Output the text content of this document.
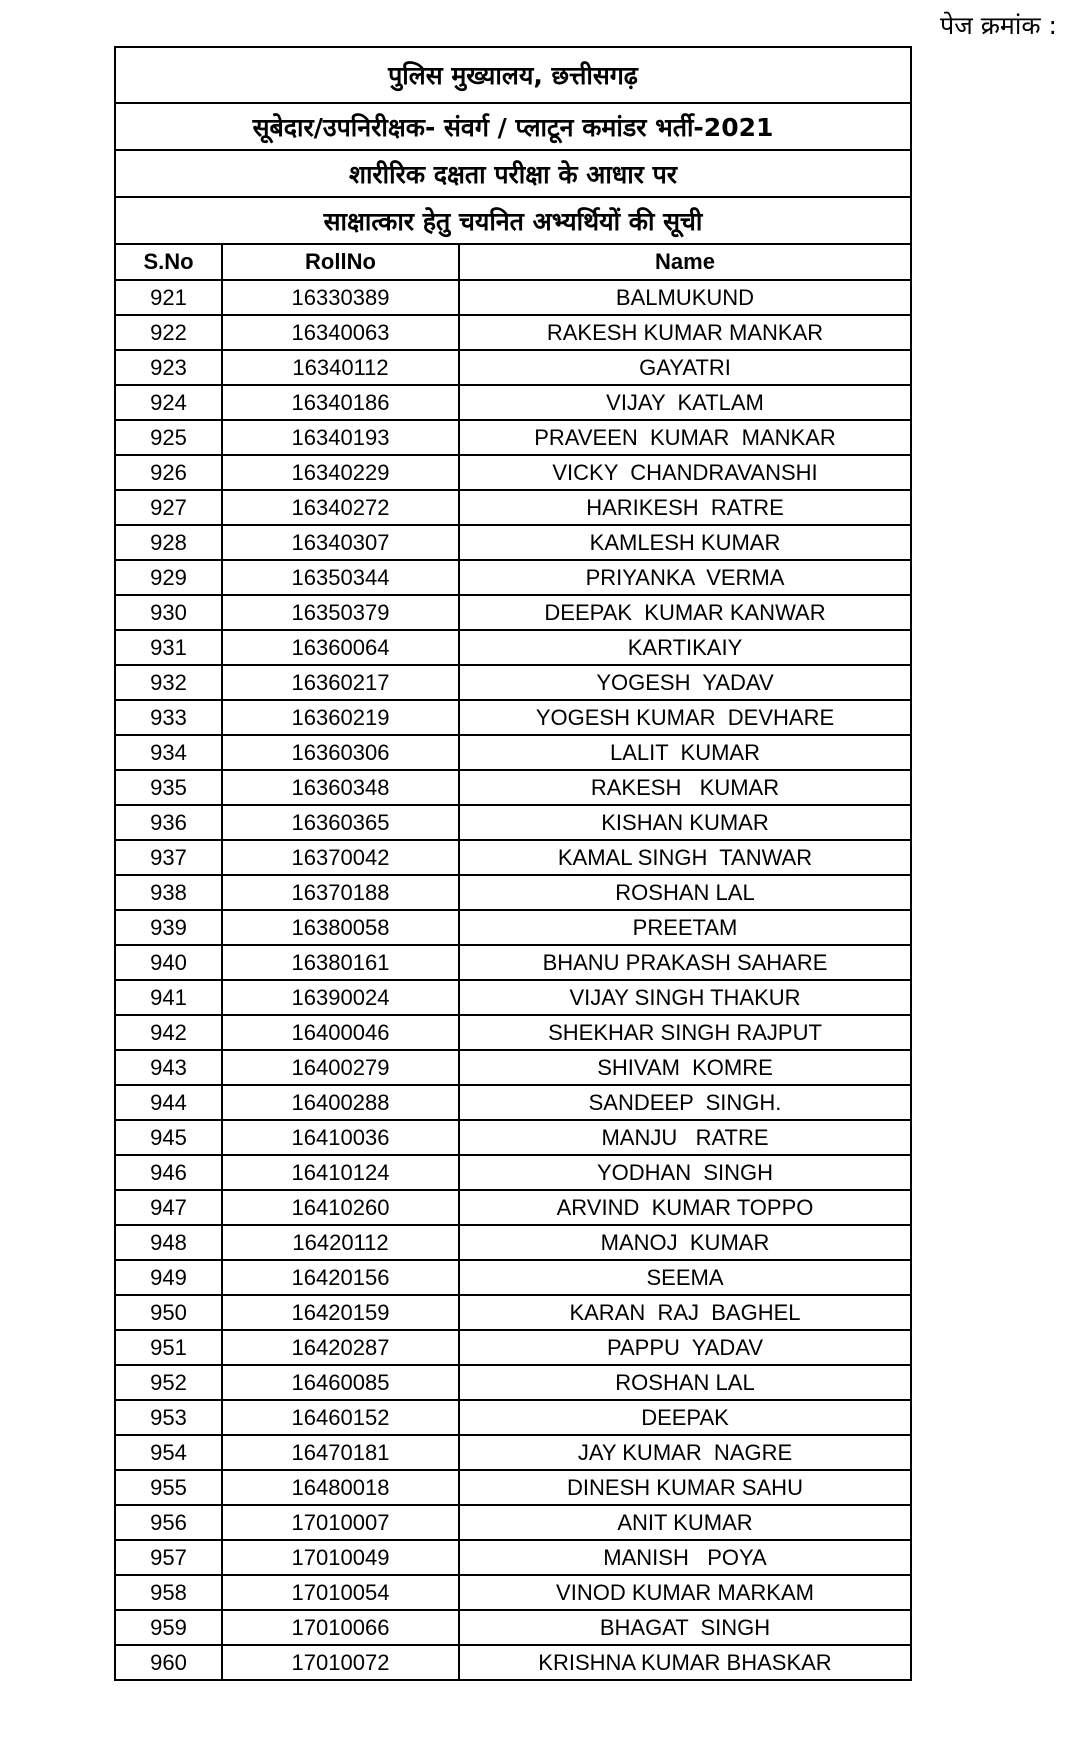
पेज क्रमांक :
पुलिस मुख्यालय, छत्तीसगढ़		
सूबेदार/उपनिरीक्षक- संवर्ग / प्लाटून कमांडर भर्ती-2021		
शारीरिक दक्षता परीक्षा के आधार पर		
साक्षात्कार हेतु चयनित अभ्यर्थियों की सूची		
S.No	RollNo	Name
921	16330389	BALMUKUND
922	16340063	RAKESH KUMAR MANKAR
923	16340112	GAYATRI
924	16340186	VIJAY  KATLAM
925	16340193	PRAVEEN  KUMAR  MANKAR
926	16340229	VICKY  CHANDRAVANSHI
927	16340272	HARIKESH  RATRE
928	16340307	KAMLESH KUMAR
929	16350344	PRIYANKA  VERMA
930	16350379	DEEPAK  KUMAR KANWAR
931	16360064	KARTIKAIY
932	16360217	YOGESH  YADAV
933	16360219	YOGESH KUMAR  DEVHARE
934	16360306	LALIT  KUMAR
935	16360348	RAKESH   KUMAR
936	16360365	KISHAN KUMAR
937	16370042	KAMAL SINGH  TANWAR
938	16370188	ROSHAN LAL
939	16380058	PREETAM
940	16380161	BHANU PRAKASH SAHARE
941	16390024	VIJAY SINGH THAKUR
942	16400046	SHEKHAR SINGH RAJPUT
943	16400279	SHIVAM  KOMRE
944	16400288	SANDEEP  SINGH.
945	16410036	MANJU   RATRE
946	16410124	YODHAN  SINGH
947	16410260	ARVIND  KUMAR TOPPO
948	16420112	MANOJ  KUMAR
949	16420156	SEEMA
950	16420159	KARAN  RAJ  BAGHEL
951	16420287	PAPPU  YADAV
952	16460085	ROSHAN LAL
953	16460152	DEEPAK
954	16470181	JAY KUMAR  NAGRE
955	16480018	DINESH KUMAR SAHU
956	17010007	ANIT KUMAR
957	17010049	MANISH   POYA
958	17010054	VINOD KUMAR MARKAM
959	17010066	BHAGAT  SINGH
960	17010072	KRISHNA KUMAR BHASKAR
